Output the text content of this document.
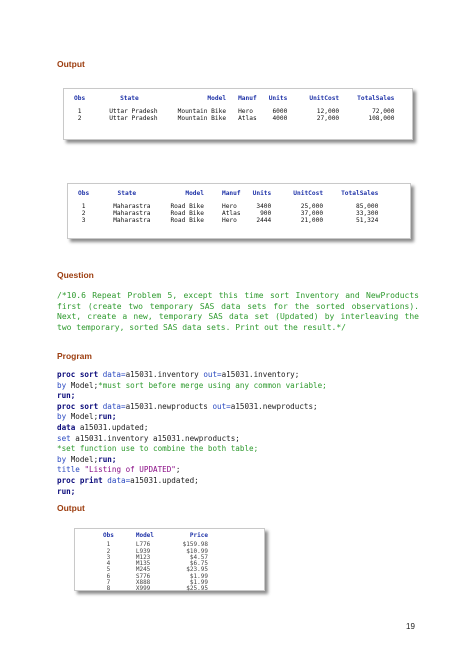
Output
Obs	State	Model	Manuf	Units	UnitCost	TotalSales

1	Uttar Pradesh	Mountain Bike	Hero	6000	12,000	72,000
2	Uttar Pradesh	Mountain Bike	Atlas	4000	27,000	108,000
Obs	State	Model	Manuf	Units	UnitCost	TotalSales

1	Maharastra	Road Bike	Hero	3400	25,000	85,000
2	Maharastra	Road Bike	Atlas	900	37,000	33,300
3	Maharastra	Road Bike	Hero	2444	21,000	51,324
Question

/*10.6 Repeat Problem 5, except this time sort Inventory and NewProducts first (create two temporary SAS data sets for the sorted observations). Next, create a new, temporary SAS data set (Updated) by interleaving the two temporary, sorted SAS data sets. Print out the result.*/

Program
proc sort data=a15031.inventory out=a15031.inventory;
by Model;*must sort before merge using any common variable;
run;
proc sort data=a15031.newproducts out=a15031.newproducts;
by Model;run;
data a15031.updated;
set a15031.inventory a15031.newproducts;
*set function use to combine the both table;
by Model;run;
title "Listing of UPDATED";
proc print data=a15031.updated;
run;
Output
Obs	Model	Price

1	L776	$159.98
2	L939	$10.99
3	M123	$4.57
4	M135	$6.75
5	M245	$23.95
6	S776	$1.99
7	X888	$1.99
8	X999	$25.95
19
